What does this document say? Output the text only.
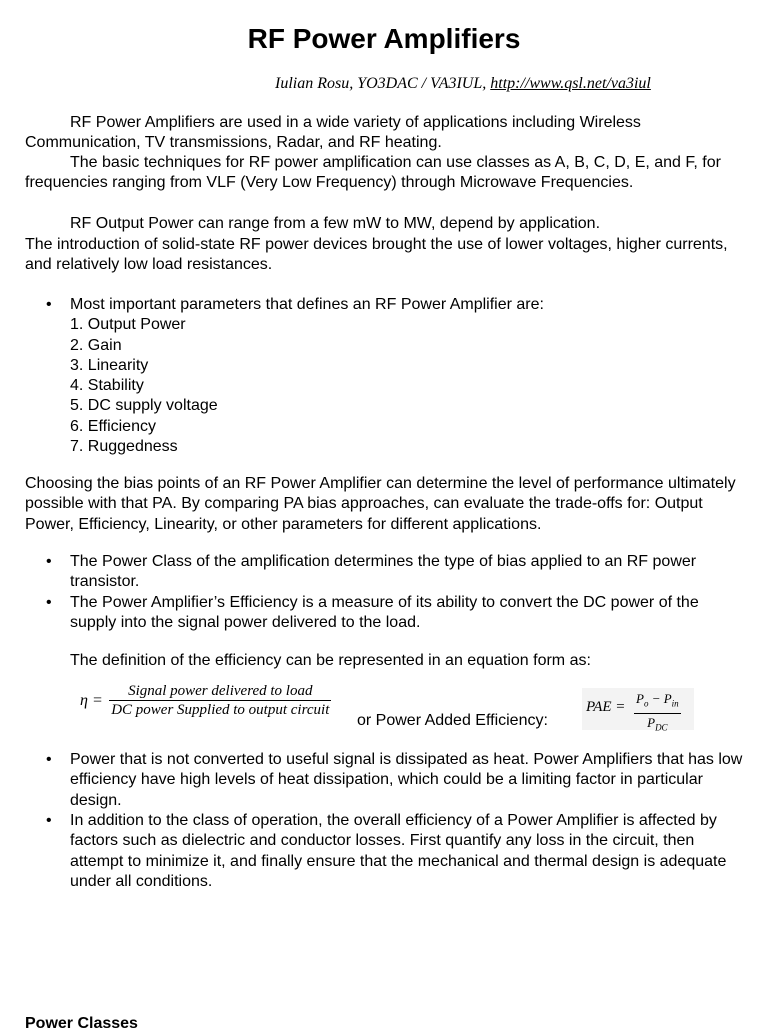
RF Power Amplifiers
Iulian Rosu, YO3DAC / VA3IUL, http://www.qsl.net/va3iul
RF Power Amplifiers are used in a wide variety of applications including Wireless Communication, TV transmissions, Radar, and RF heating.
The basic techniques for RF power amplification can use classes as A, B, C, D, E, and F, for frequencies ranging from VLF (Very Low Frequency) through Microwave Frequencies.
RF Output Power can range from a few mW to MW, depend by application.
The introduction of solid-state RF power devices brought the use of lower voltages, higher currents, and relatively low load resistances.
•	Most important parameters that defines an RF Power Amplifier are:
1. Output Power
2. Gain
3. Linearity
4. Stability
5. DC supply voltage
6. Efficiency
7. Ruggedness
Choosing the bias points of an RF Power Amplifier can determine the level of performance ultimately possible with that PA. By comparing PA bias approaches, can evaluate the trade-offs for: Output Power, Efficiency, Linearity, or other parameters for different applications.
•	The Power Class of the amplification determines the type of bias applied to an RF power transistor.
•	The Power Amplifier’s Efficiency is a measure of its ability to convert the DC power of the supply into the signal power delivered to the load.
The definition of the efficiency can be represented in an equation form as:
$\eta = \frac{\text{Signal power delivered to load}}{\text{DC power Supplied to output circuit}}$
or Power Added Efficiency:
PAE =
$P_o - P_{in}$
$P_{DC}$
•	Power that is not converted to useful signal is dissipated as heat. Power Amplifiers that has low efficiency have high levels of heat dissipation, which could be a limiting factor in particular design.
•	In addition to the class of operation, the overall efficiency of a Power Amplifier is affected by factors such as dielectric and conductor losses. First quantify any loss in the circuit, then attempt to minimize it, and finally ensure that the mechanical and thermal design is adequate under all conditions.
Power Classes
